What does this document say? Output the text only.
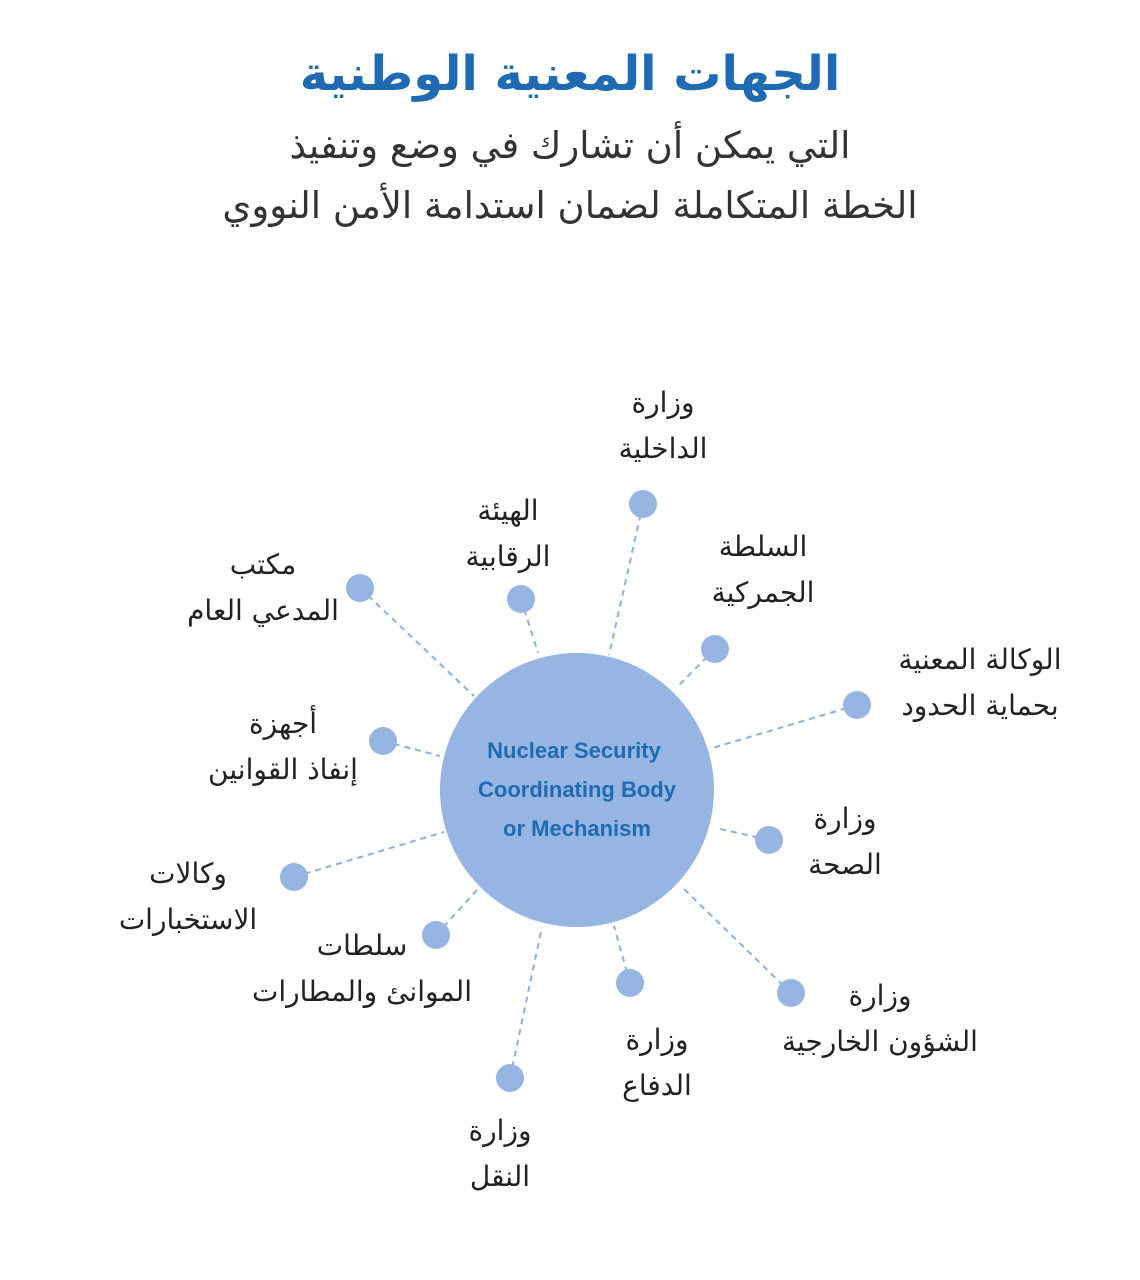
الجهات المعنية الوطنية
التي يمكن أن تشارك في وضع وتنفيذ
الخطة المتكاملة لضمان استدامة الأمن النووي
Nuclear Security
Coordinating Body
or Mechanism
وزارة
الداخلية
السلطة
الجمركية
الوكالة المعنية
بحماية الحدود
وزارة
الصحة
وزارة
الشؤون الخارجية
وزارة
الدفاع
وزارة
النقل
سلطات
الموانئ والمطارات
وكالات
الاستخبارات
أجهزة
إنفاذ القوانين
مكتب
المدعي العام
الهيئة
الرقابية
